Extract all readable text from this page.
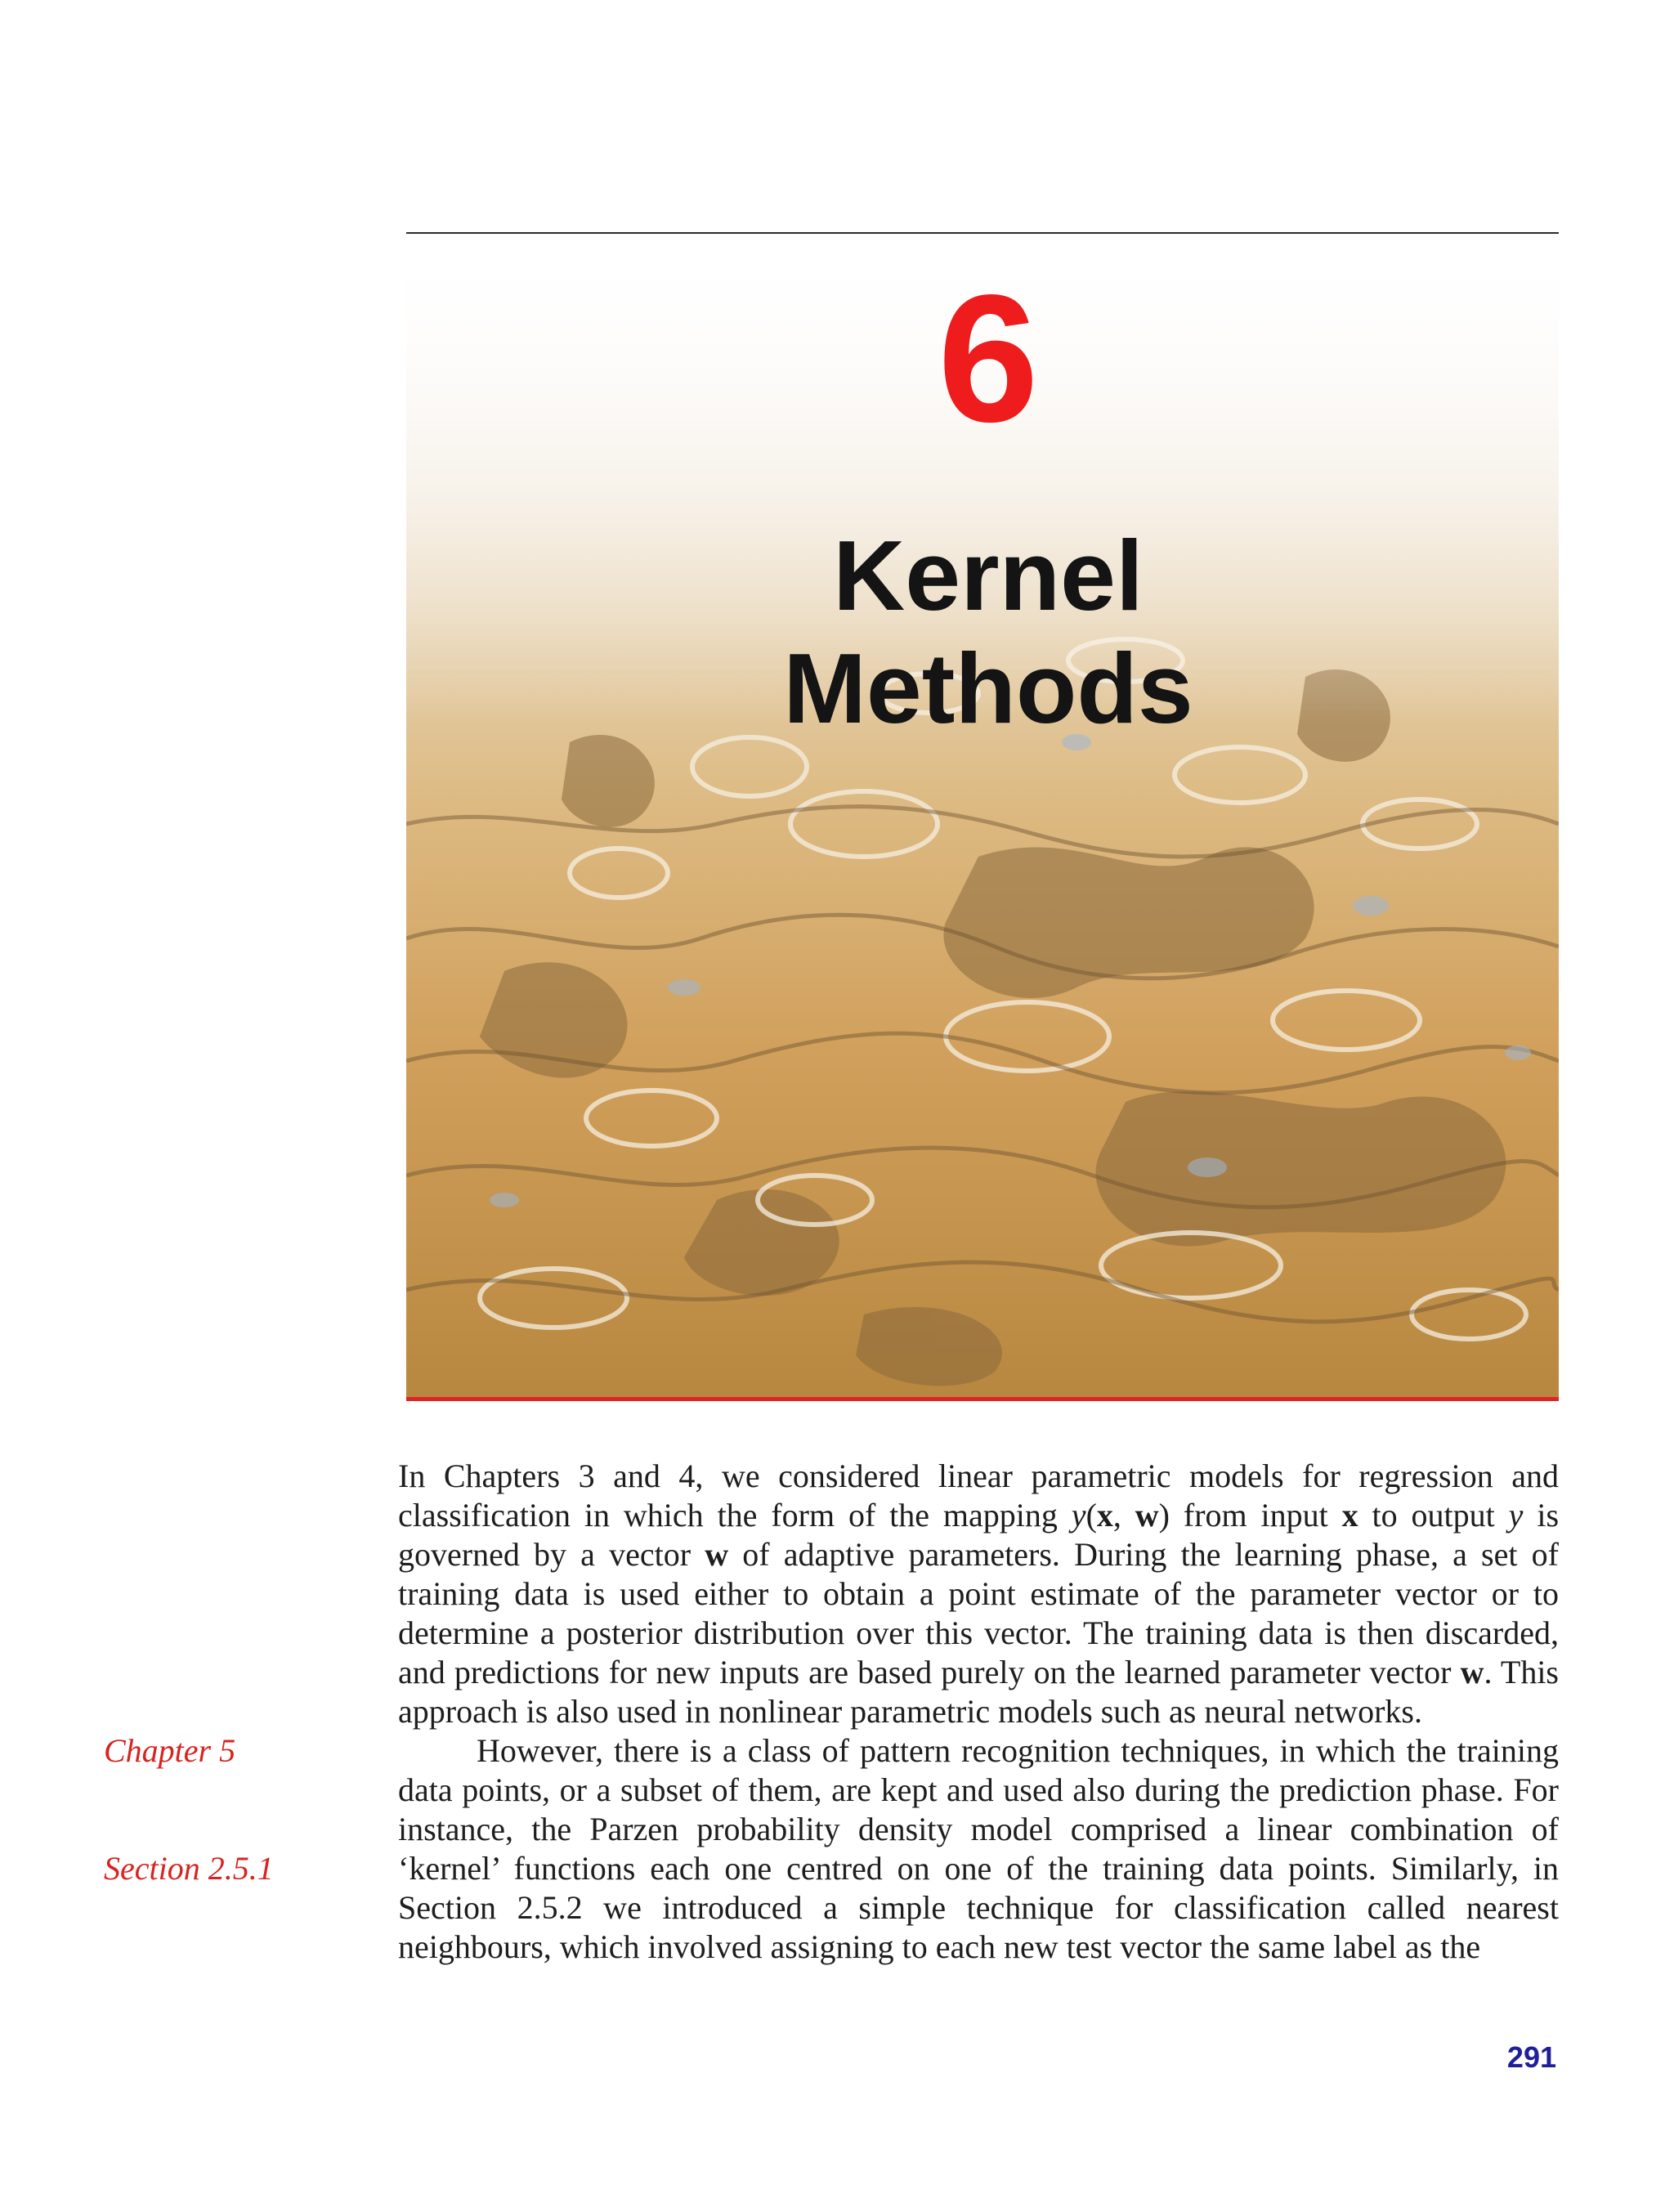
6
Kernel
Methods
Chapter 5
Section 2.5.1

In Chapters 3 and 4, we considered linear parametric models for regression and classification in which the form of the mapping y(x, w) from input x to output y is governed by a vector w of adaptive parameters. During the learning phase, a set of training data is used either to obtain a point estimate of the parameter vector or to determine a posterior distribution over this vector. The training data is then discarded, and predictions for new inputs are based purely on the learned parameter vector w. This approach is also used in nonlinear parametric models such as neural networks.

However, there is a class of pattern recognition techniques, in which the training data points, or a subset of them, are kept and used also during the prediction phase. For instance, the Parzen probability density model comprised a linear combination of ‘kernel’ functions each one centred on one of the training data points. Similarly, in Section 2.5.2 we introduced a simple technique for classification called nearest neighbours, which involved assigning to each new test vector the same label as the

291
